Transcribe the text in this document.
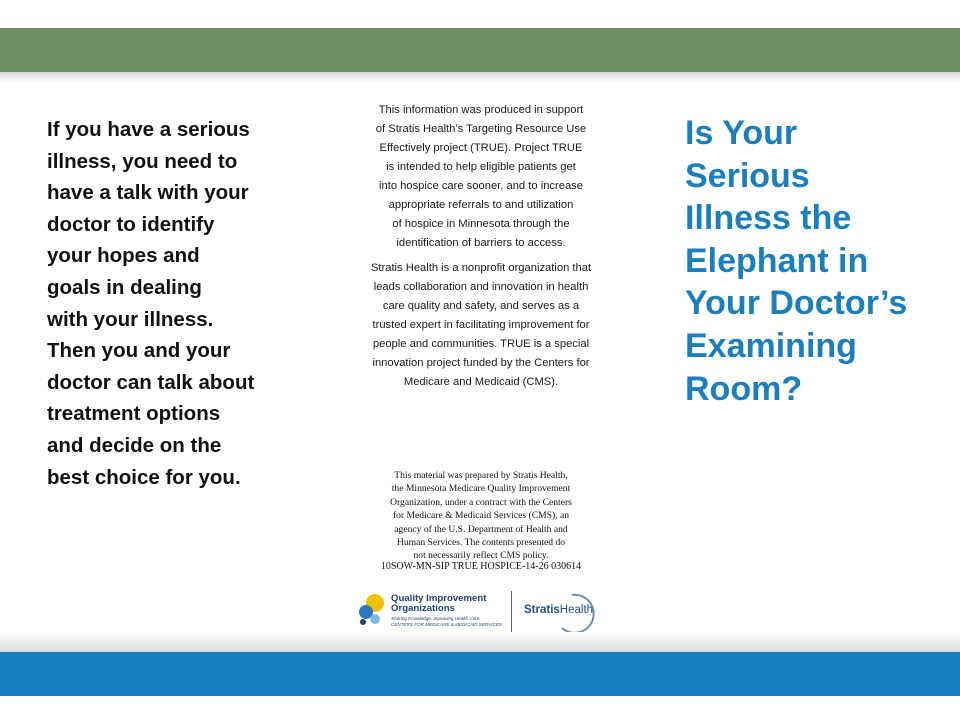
If you have a serious
illness, you need to
have a talk with your
doctor to identify
your hopes and
goals in dealing
with your illness.
Then you and your
doctor can talk about
treatment options
and decide on the
best choice for you.
This information was produced in support
of Stratis Health’s Targeting Resource Use
Effectively project (TRUE). Project TRUE
is intended to help eligible patients get
into hospice care sooner, and to increase
appropriate referrals to and utilization
of hospice in Minnesota through the
identification of barriers to access.
Stratis Health is a nonprofit organization that
leads collaboration and innovation in health
care quality and safety, and serves as a
trusted expert in facilitating improvement for
people and communities. TRUE is a special
innovation project funded by the Centers for
Medicare and Medicaid (CMS).
This material was prepared by Stratis Health,
the Minnesota Medicare Quality Improvement
Organization, under a contract with the Centers
for Medicare & Medicaid Services (CMS), an
agency of the U.S. Department of Health and
Human Services. The contents presented do
not necessarily reflect CMS policy.
10SOW-MN-SIP TRUE HOSPICE-14-26 030614
Quality Improvement
Organizations
Sharing Knowledge. Improving Health Care.
CENTERS FOR MEDICARE & MEDICAID SERVICES
StratisHealth
Is Your
Serious
Illness the
Elephant in
Your Doctor’s
Examining
Room?
